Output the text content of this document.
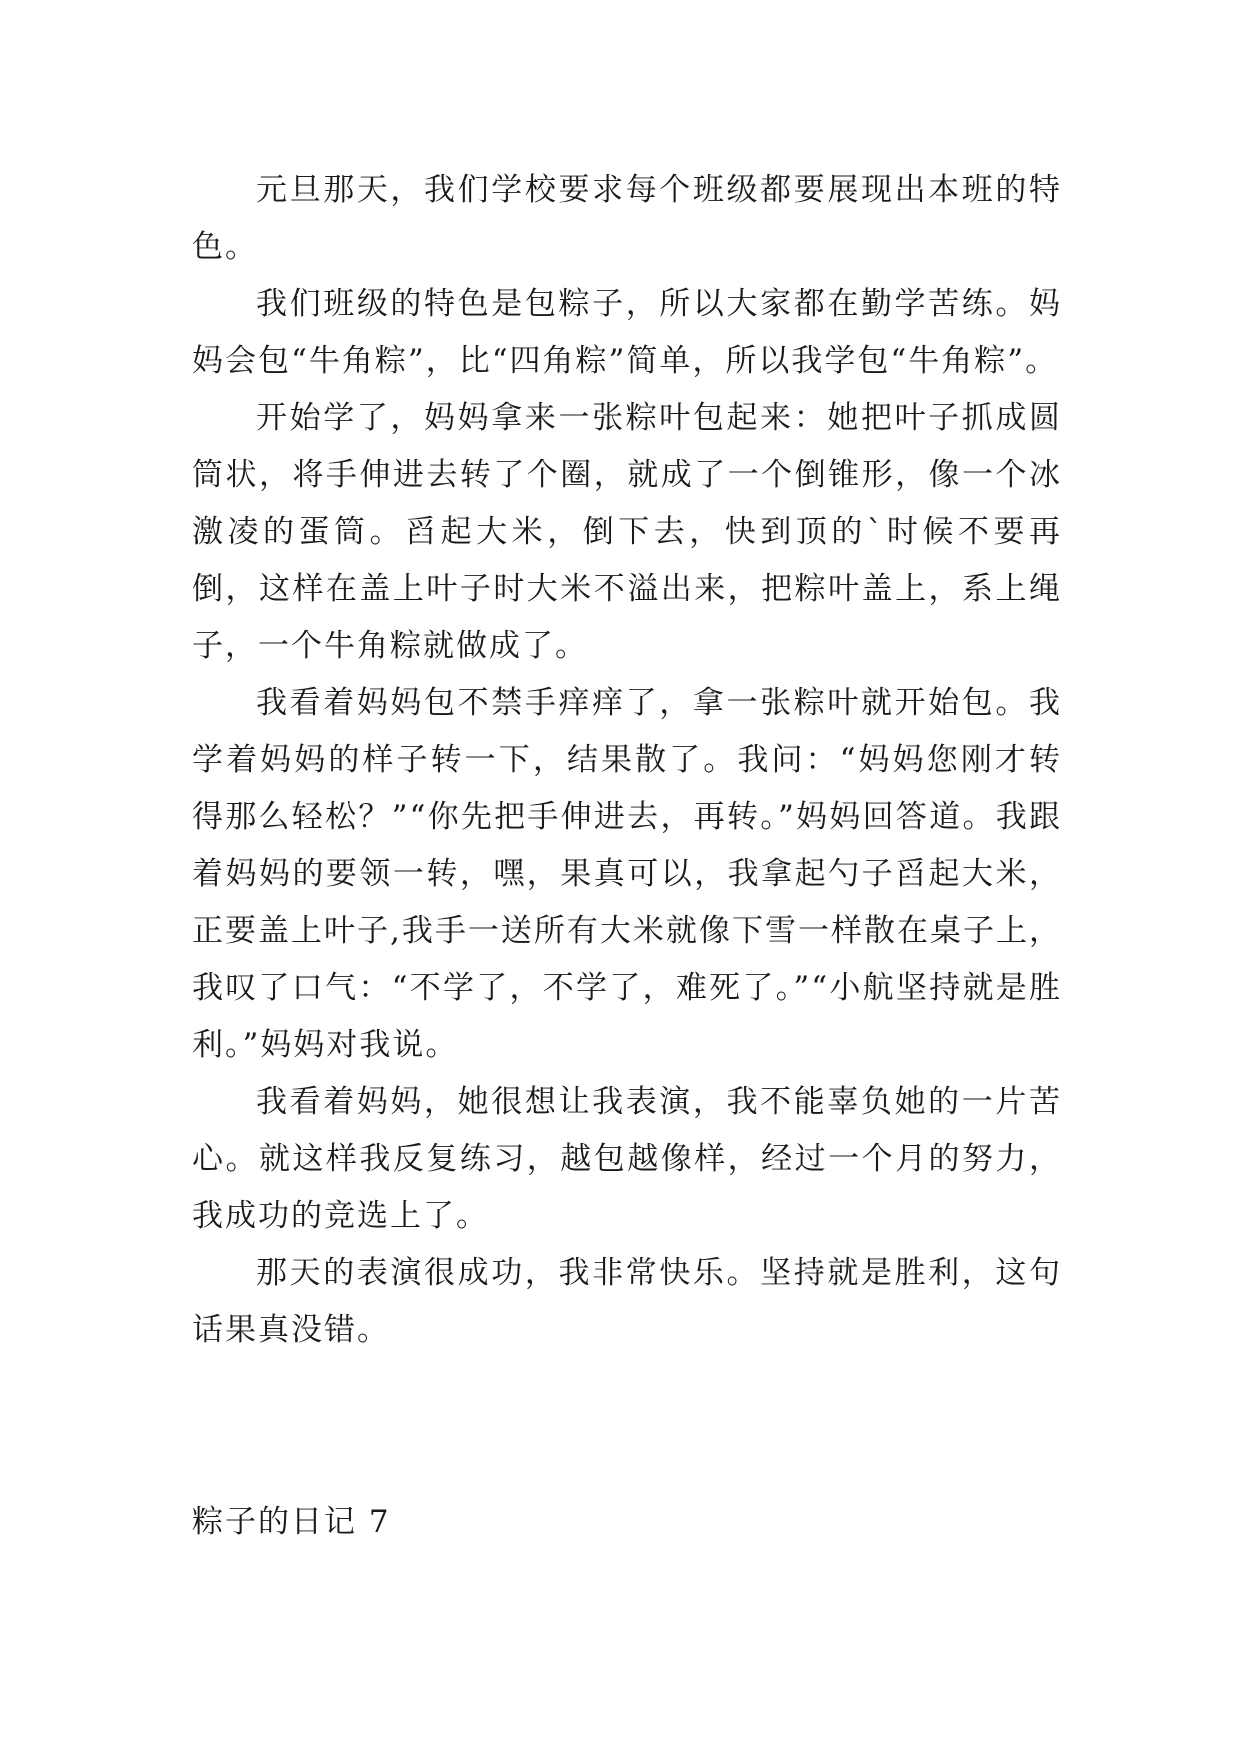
元旦那天，我们学校要求每个班级都要展现出本班的特色。

我们班级的特色是包粽子，所以大家都在勤学苦练。妈妈会包“牛角粽”，比“四角粽”简单，所以我学包“牛角粽”。

开始学了，妈妈拿来一张粽叶包起来：她把叶子抓成圆筒状，将手伸进去转了个圈，就成了一个倒锥形，像一个冰激凌的蛋筒。舀起大米，倒下去，快到顶的`时候不要再倒，这样在盖上叶子时大米不溢出来，把粽叶盖上，系上绳子，一个牛角粽就做成了。

我看着妈妈包不禁手痒痒了，拿一张粽叶就开始包。我学着妈妈的样子转一下，结果散了。我问：“妈妈您刚才转得那么轻松？”“你先把手伸进去，再转。”妈妈回答道。我跟着妈妈的要领一转，嘿，果真可以，我拿起勺子舀起大米，正要盖上叶子,我手一送所有大米就像下雪一样散在桌子上，我叹了口气：“不学了，不学了，难死了。”“小航坚持就是胜利。”妈妈对我说。

我看着妈妈，她很想让我表演，我不能辜负她的一片苦心。就这样我反复练习，越包越像样，经过一个月的努力，我成功的竞选上了。

那天的表演很成功，我非常快乐。坚持就是胜利，这句话果真没错。

粽子的日记 7
